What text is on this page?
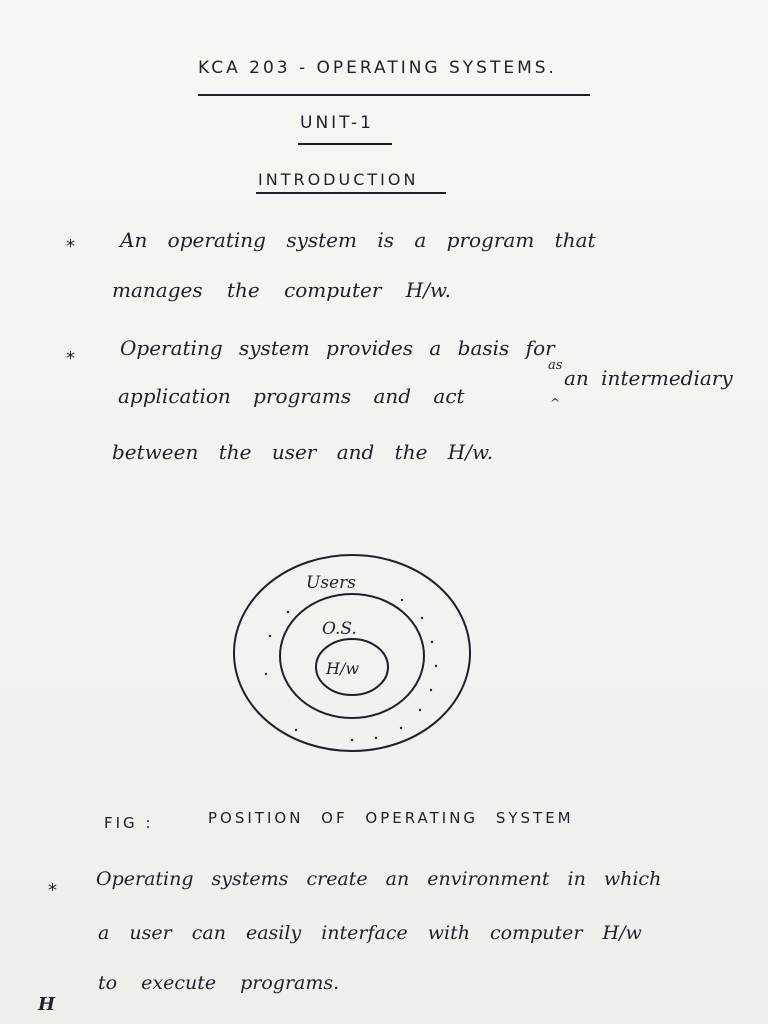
KCA 203 - OPERATING SYSTEMS.
UNIT-1
INTRODUCTION
* An operating system is a program that
manages the computer H/w.
* Operating system provides a basis for
as
application programs and act	^
an intermediary
between the user and the H/w.
Users
O.S.
H/w
FIG :	POSITION OF OPERATING SYSTEM
*
Operating systems create an environment in which
a user can easily interface with computer H/w
to execute programs.
H
